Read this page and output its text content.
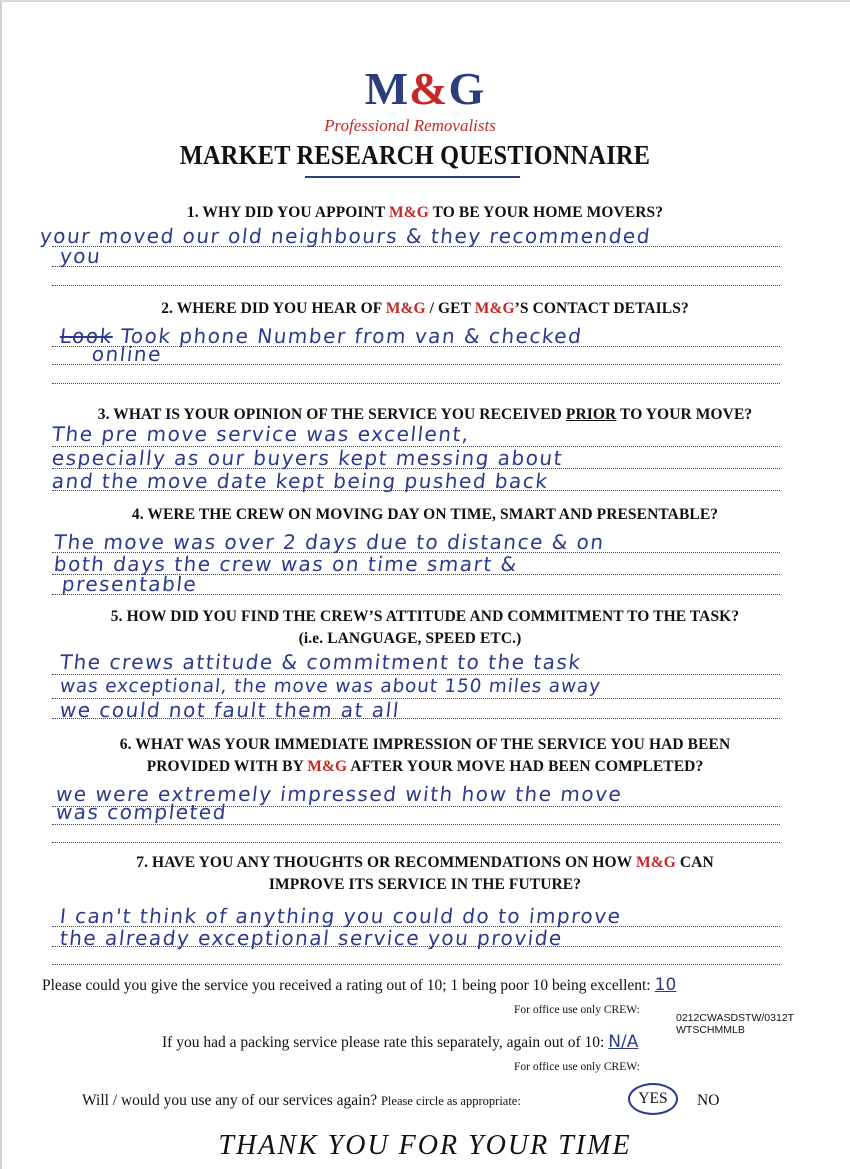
M&G
Professional Removalists
MARKET RESEARCH QUESTIONNAIRE
1. WHY DID YOU APPOINT M&G TO BE YOUR HOME MOVERS?
your moved our old neighbours & they recommended
you
2. WHERE DID YOU HEAR OF M&G / GET M&G’S CONTACT DETAILS?
Look Took phone Number from van & checked
online
3. WHAT IS YOUR OPINION OF THE SERVICE YOU RECEIVED PRIOR TO YOUR MOVE?
The pre move service was excellent,
especially as our buyers kept messing about
and the move date kept being pushed back
4. WERE THE CREW ON MOVING DAY ON TIME, SMART AND PRESENTABLE?
The move was over 2 days due to distance & on
both days the crew was on time smart &
presentable
5. HOW DID YOU FIND THE CREW’S ATTITUDE AND COMMITMENT TO THE TASK?
(i.e. LANGUAGE, SPEED ETC.)
The crews attitude & commitment to the task
was exceptional, the move was about 150 miles away
we could not fault them at all
6. WHAT WAS YOUR IMMEDIATE IMPRESSION OF THE SERVICE YOU HAD BEEN
PROVIDED WITH BY M&G AFTER YOUR MOVE HAD BEEN COMPLETED?
we were extremely impressed with how the move
was completed
7. HAVE YOU ANY THOUGHTS OR RECOMMENDATIONS ON HOW M&G CAN
IMPROVE ITS SERVICE IN THE FUTURE?
I can't think of anything you could do to improve
the already exceptional service you provide
Please could you give the service you received a rating out of 10; 1 being poor 10 being excellent: 10
For office use only CREW:
0212CWASDSTW/0312T
WTSCHMMLB
If you had a packing service please rate this separately, again out of 10: N/A
For office use only CREW:
Will / would you use any of our services again? Please circle as appropriate:	YES	NO
THANK YOU FOR YOUR TIME
